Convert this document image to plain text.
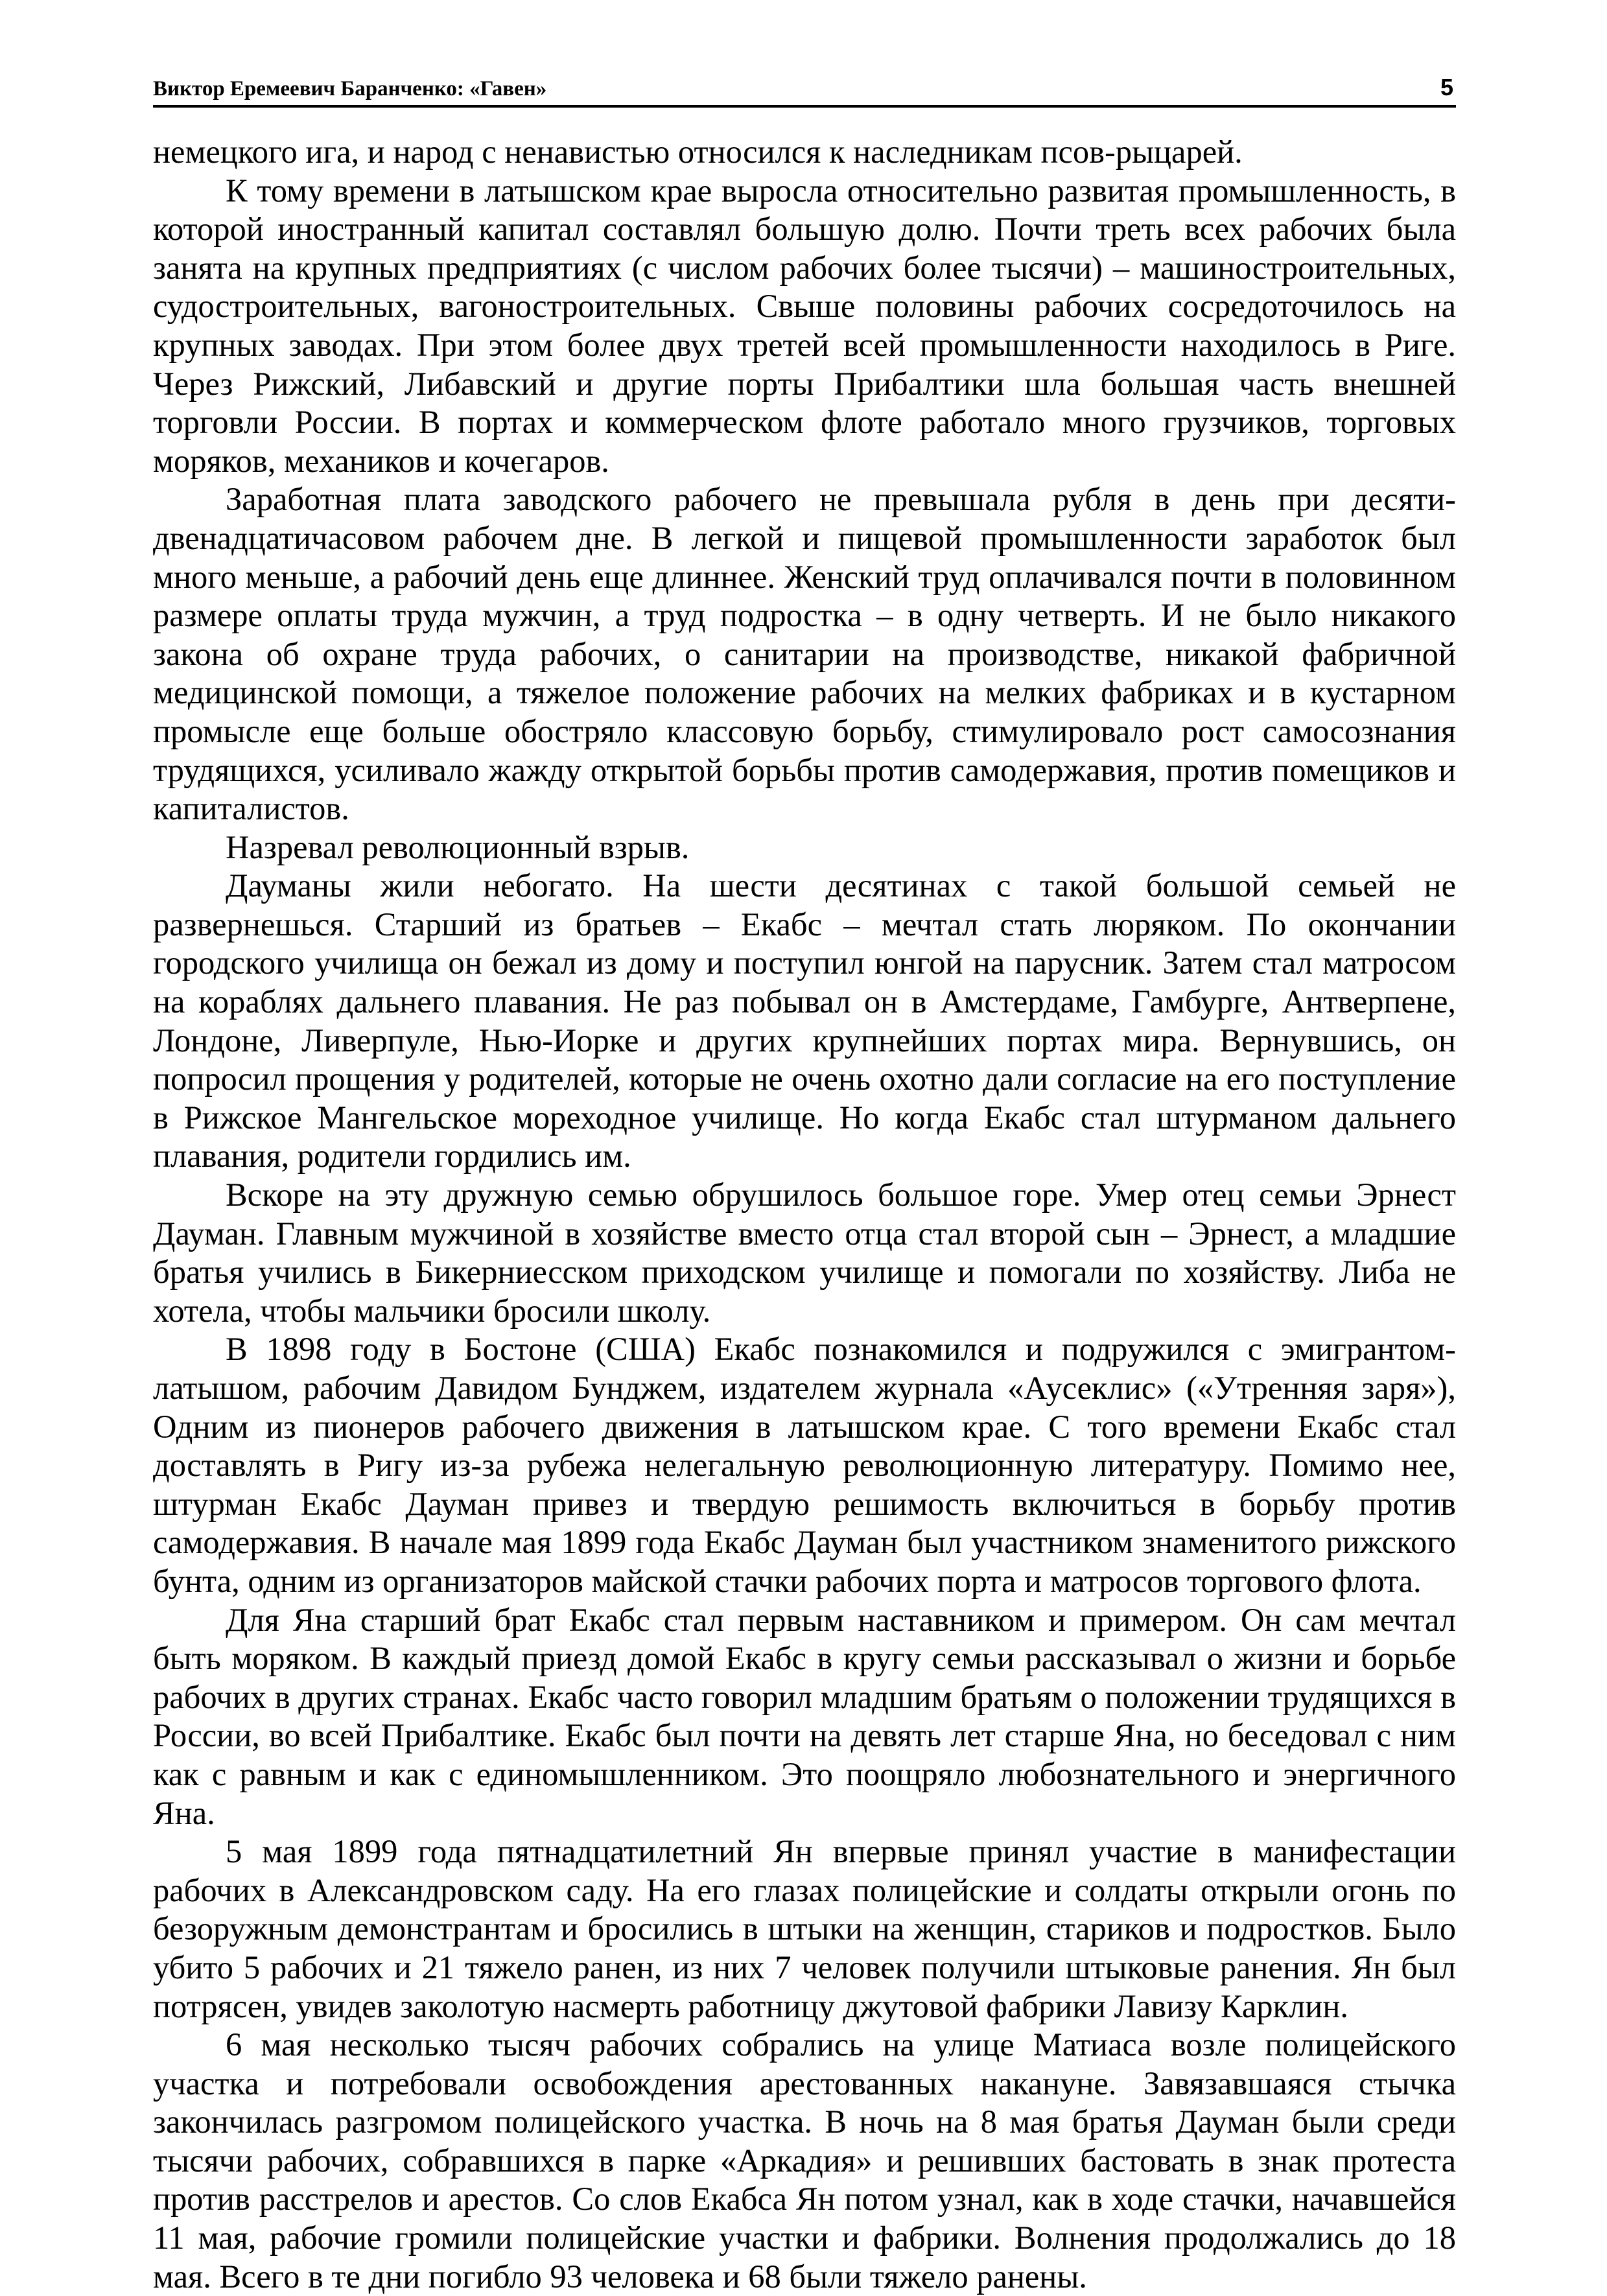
Виктор Еремеевич Баранченко: «Гавен»	5

немецкого ига, и народ с ненавистью относился к наследникам псов-рыцарей.

К тому времени в латышском крае выросла относительно развитая промышленность, в которой иностранный капитал составлял большую долю. Почти треть всех рабочих была занята на крупных предприятиях (с числом рабочих более тысячи) – машиностроительных, судостроительных, вагоностроительных. Свыше половины рабочих сосредоточилось на крупных заводах. При этом более двух третей всей промышленности находилось в Риге. Через Рижский, Либавский и другие порты Прибалтики шла большая часть внешней торговли России. В портах и коммерческом флоте работало много грузчиков, торговых моряков, механиков и кочегаров.

Заработная плата заводского рабочего не превышала рубля в день при десяти-двенадцатичасовом рабочем дне. В легкой и пищевой промышленности заработок был много меньше, а рабочий день еще длиннее. Женский труд оплачивался почти в половинном размере оплаты труда мужчин, а труд подростка – в одну четверть. И не было никакого закона об охране труда рабочих, о санитарии на производстве, никакой фабричной медицинской помощи, а тяжелое положение рабочих на мелких фабриках и в кустарном промысле еще больше обостряло классовую борьбу, стимулировало рост самосознания трудящихся, усиливало жажду открытой борьбы против самодержавия, против помещиков и капиталистов.

Назревал революционный взрыв.

Дауманы жили небогато. На шести десятинах с такой большой семьей не развернешься. Старший из братьев – Екабс – мечтал стать люряком. По окончании городского училища он бежал из дому и поступил юнгой на парусник. Затем стал матросом на кораблях дальнего плавания. Не раз побывал он в Амстердаме, Гамбурге, Антверпене, Лондоне, Ливерпуле, Нью-Иорке и других крупнейших портах мира. Вернувшись, он попросил прощения у родителей, которые не очень охотно дали согласие на его поступление в Рижское Мангельское мореходное училище. Но когда Екабс стал штурманом дальнего плавания, родители гордились им.

Вскоре на эту дружную семью обрушилось большое горе. Умер отец семьи Эрнест Дауман. Главным мужчиной в хозяйстве вместо отца стал второй сын – Эрнест, а младшие братья учились в Бикерниесском приходском училище и помогали по хозяйству. Либа не хотела, чтобы мальчики бросили школу.

В 1898 году в Бостоне (США) Екабс познакомился и подружился с эмигрантом-латышом, рабочим Давидом Бунджем, издателем журнала «Аусеклис» («Утренняя заря»), Одним из пионеров рабочего движения в латышском крае. С того времени Екабс стал доставлять в Ригу из-за рубежа нелегальную революционную литературу. Помимо нее, штурман Екабс Дауман привез и твердую решимость включиться в борьбу против самодержавия. В начале мая 1899 года Екабс Дауман был участником знаменитого рижского бунта, одним из организаторов майской стачки рабочих порта и матросов торгового флота.

Для Яна старший брат Екабс стал первым наставником и примером. Он сам мечтал быть моряком. В каждый приезд домой Екабс в кругу семьи рассказывал о жизни и борьбе рабочих в других странах. Екабс часто говорил младшим братьям о положении трудящихся в России, во всей Прибалтике. Екабс был почти на девять лет старше Яна, но беседовал с ним как с равным и как с единомышленником. Это поощряло любознательного и энергичного Яна.

5 мая 1899 года пятнадцатилетний Ян впервые принял участие в манифестации рабочих в Александровском саду. На его глазах полицейские и солдаты открыли огонь по безоружным демонстрантам и бросились в штыки на женщин, стариков и подростков. Было убито 5 рабочих и 21 тяжело ранен, из них 7 человек получили штыковые ранения. Ян был потрясен, увидев заколотую насмерть работницу джутовой фабрики Лавизу Карклин.

6 мая несколько тысяч рабочих собрались на улице Матиаса возле полицейского участка и потребовали освобождения арестованных накануне. Завязавшаяся стычка закончилась разгромом полицейского участка. В ночь на 8 мая братья Дауман были среди тысячи рабочих, собравшихся в парке «Аркадия» и решивших бастовать в знак протеста против расстрелов и арестов. Со слов Екабса Ян потом узнал, как в ходе стачки, начавшейся 11 мая, рабочие громили полицейские участки и фабрики. Волнения продолжались до 18 мая. Всего в те дни погибло 93 человека и 68 были тяжело ранены.
